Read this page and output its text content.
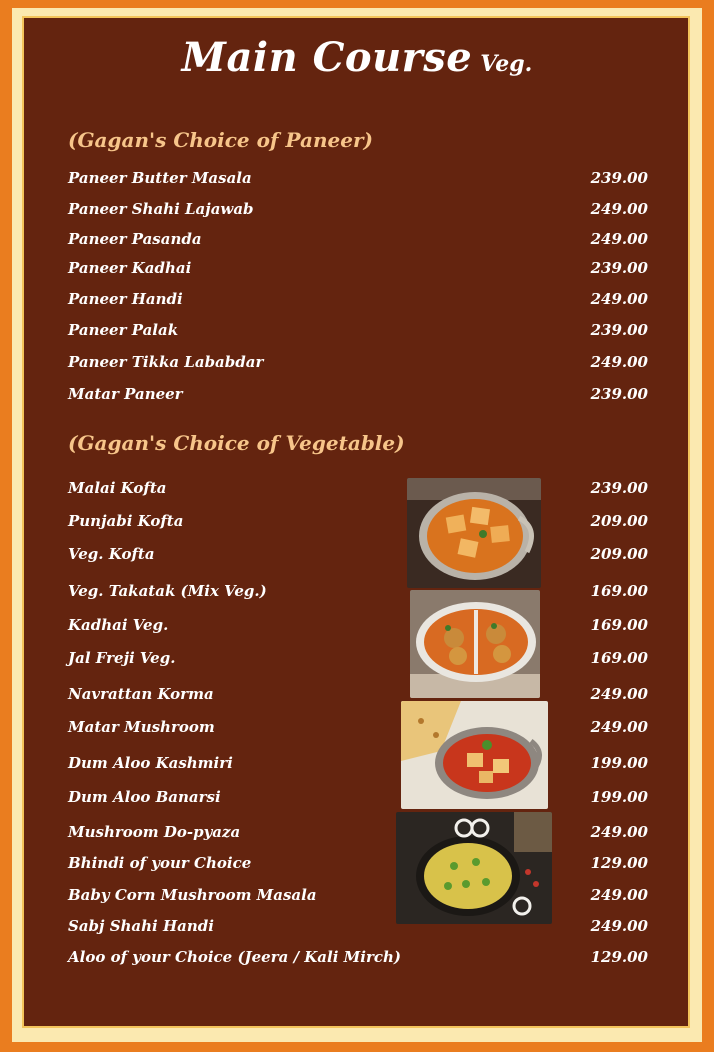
Main Course Veg.
(Gagan's Choice of Paneer)
Paneer Butter Masala	239.00
Paneer Shahi Lajawab	249.00
Paneer Pasanda	249.00
Paneer Kadhai	239.00
Paneer Handi	249.00
Paneer Palak	239.00
Paneer Tikka Lababdar	249.00
Matar Paneer	239.00
(Gagan's Choice of Vegetable)
Malai Kofta	239.00
Punjabi Kofta	209.00
Veg. Kofta	209.00
Veg. Takatak (Mix Veg.)	169.00
Kadhai Veg.	169.00
Jal Freji Veg.	169.00
Navrattan Korma	249.00
Matar Mushroom	249.00
Dum Aloo Kashmiri	199.00
Dum Aloo Banarsi	199.00
Mushroom Do-pyaza	249.00
Bhindi of your Choice	129.00
Baby Corn Mushroom Masala	249.00
Sabj Shahi Handi	249.00
Aloo of your Choice (Jeera / Kali Mirch)	129.00
